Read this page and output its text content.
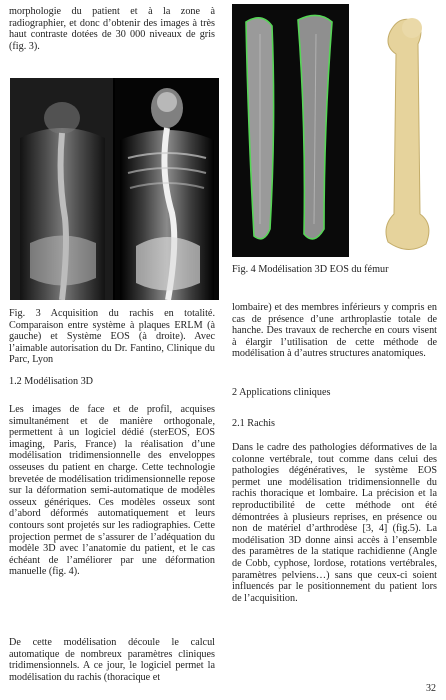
morphologie du patient et à la zone à radiographier, et donc d’obtenir des images à très haut contraste dotées de 30 000 niveaux de gris (fig. 3).

Fig. 3 Acquisition du rachis en totalité. Comparaison entre système à plaques ERLM (à gauche) et Système EOS (à droite). Avec l’aimable autorisation du Dr. Fantino, Clinique du Parc, Lyon

1.2 Modélisation 3D

Les images de face et de profil, acquises simultanément et de manière orthogonale, permettent à un logiciel dédié (sterEOS, EOS imaging, Paris, France) la réalisation d’une modélisation tridimensionnelle des enveloppes osseuses du patient en charge. Cette technologie brevetée de modélisation tridimensionnelle repose sur la déformation semi-automatique de modèles osseux génériques. Ces modèles osseux sont d’abord déformés automatiquement et leurs contours sont projetés sur les radiographies. Cette projection permet de s’assurer de l’adéquation du modèle 3D avec l’anatomie du patient, et le cas échéant de l’améliorer par une déformation manuelle (fig. 4).

De cette modélisation découle le calcul automatique de nombreux paramètres cliniques tridimensionnels. A ce jour, le logiciel permet la modélisation du rachis (thoracique et

Fig. 4 Modélisation 3D EOS du fémur

lombaire) et des membres inférieurs y compris en cas de présence d’une arthroplastie totale de hanche. Des travaux de recherche en cours visent à élargir l’utilisation de cette méthode de modélisation à d’autres structures anatomiques.

2 Applications cliniques

2.1 Rachis

Dans le cadre des pathologies déformatives de la colonne vertébrale, tout comme dans celui des pathologies dégénératives, le système EOS permet une modélisation tridimensionnelle du rachis thoracique et lombaire. La précision et la reproductibilité de cette méthode ont été démontrées à plusieurs reprises, en présence ou non de matériel d’arthrodèse [3, 4] (fig.5). La modélisation 3D donne ainsi accès à l’ensemble des paramètres de la statique rachidienne (Angle de Cobb, cyphose, lordose, rotations vertébrales, paramètres pelviens…) sans que ceux-ci soient influencés par le positionnement du patient lors de l’acquisition.

32
